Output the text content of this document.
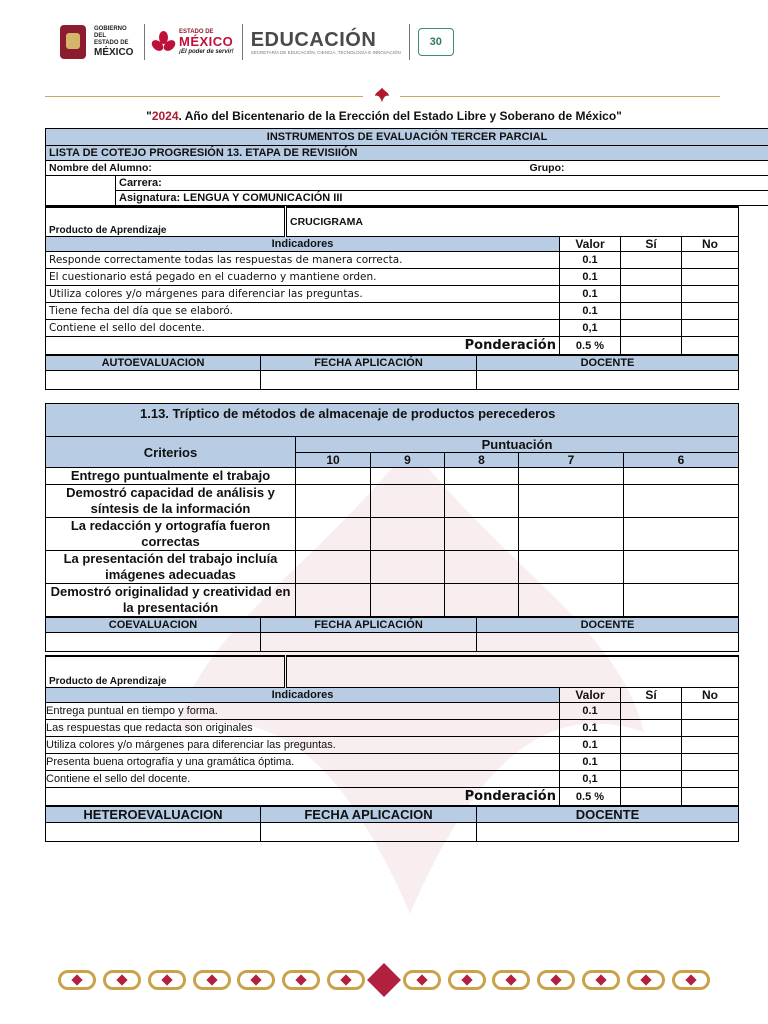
GOBIERNO DEL
ESTADO DE
MÉXICO
ESTADO DE
MÉXICO
¡El poder de servir!
EDUCACIÓN
SECRETARÍA DE EDUCACIÓN, CIENCIA, TECNOLOGÍA E INNOVACIÓN
30
"2024. Año del Bicentenario de la Erección del Estado Libre y Soberano de México"
INSTRUMENTOS DE EVALUACIÓN TERCER PARCIAL		
LISTA DE COTEJO PROGRESIÓN 13. ETAPA DE REVISIIÓN		
Nombre del Alumno:		Grupo:
	Carrera:	
	Asignatura: LENGUA Y COMUNICACIÓN III	
Producto de Aprendizaje	CRUCIGRAMA			
Indicadores		Valor	Sí	No
Responde correctamente todas las respuestas de manera correcta.		0.1		
El cuestionario está pegado en el cuaderno y mantiene orden.		0.1		
Utiliza colores y/o márgenes para diferenciar las preguntas.		0.1		
Tiene fecha del día que se elaboró.		0.1		
Contiene el sello del docente.		0,1		
Ponderación		0.5 %		
AUTOEVALUACION	FECHA APLICACIÓN	DOCENTE

1.13. Tríptico de métodos de almacenaje de productos perecederos					
Criterios	Puntuación				
	10	9	8	7	6
Entrego puntualmente el trabajo					
Demostró capacidad de análisis y síntesis de la información					
La redacción y ortografía fueron correctas					
La presentación del trabajo incluía imágenes adecuadas					
Demostró originalidad y creatividad en la presentación					
COEVALUACION	FECHA APLICACIÓN	DOCENTE

Producto de Aprendizaje				
Indicadores		Valor	Sí	No
Entrega puntual en tiempo y forma.		0.1		
Las respuestas que redacta son originales		0.1		
Utiliza colores y/o márgenes para diferenciar las preguntas.		0.1		
Presenta buena ortografía y una gramática óptima.		0.1		
Contiene el sello del docente.		0,1		
Ponderación		0.5 %		
HETEROEVALUACION	FECHA APLICACION	DOCENTE
